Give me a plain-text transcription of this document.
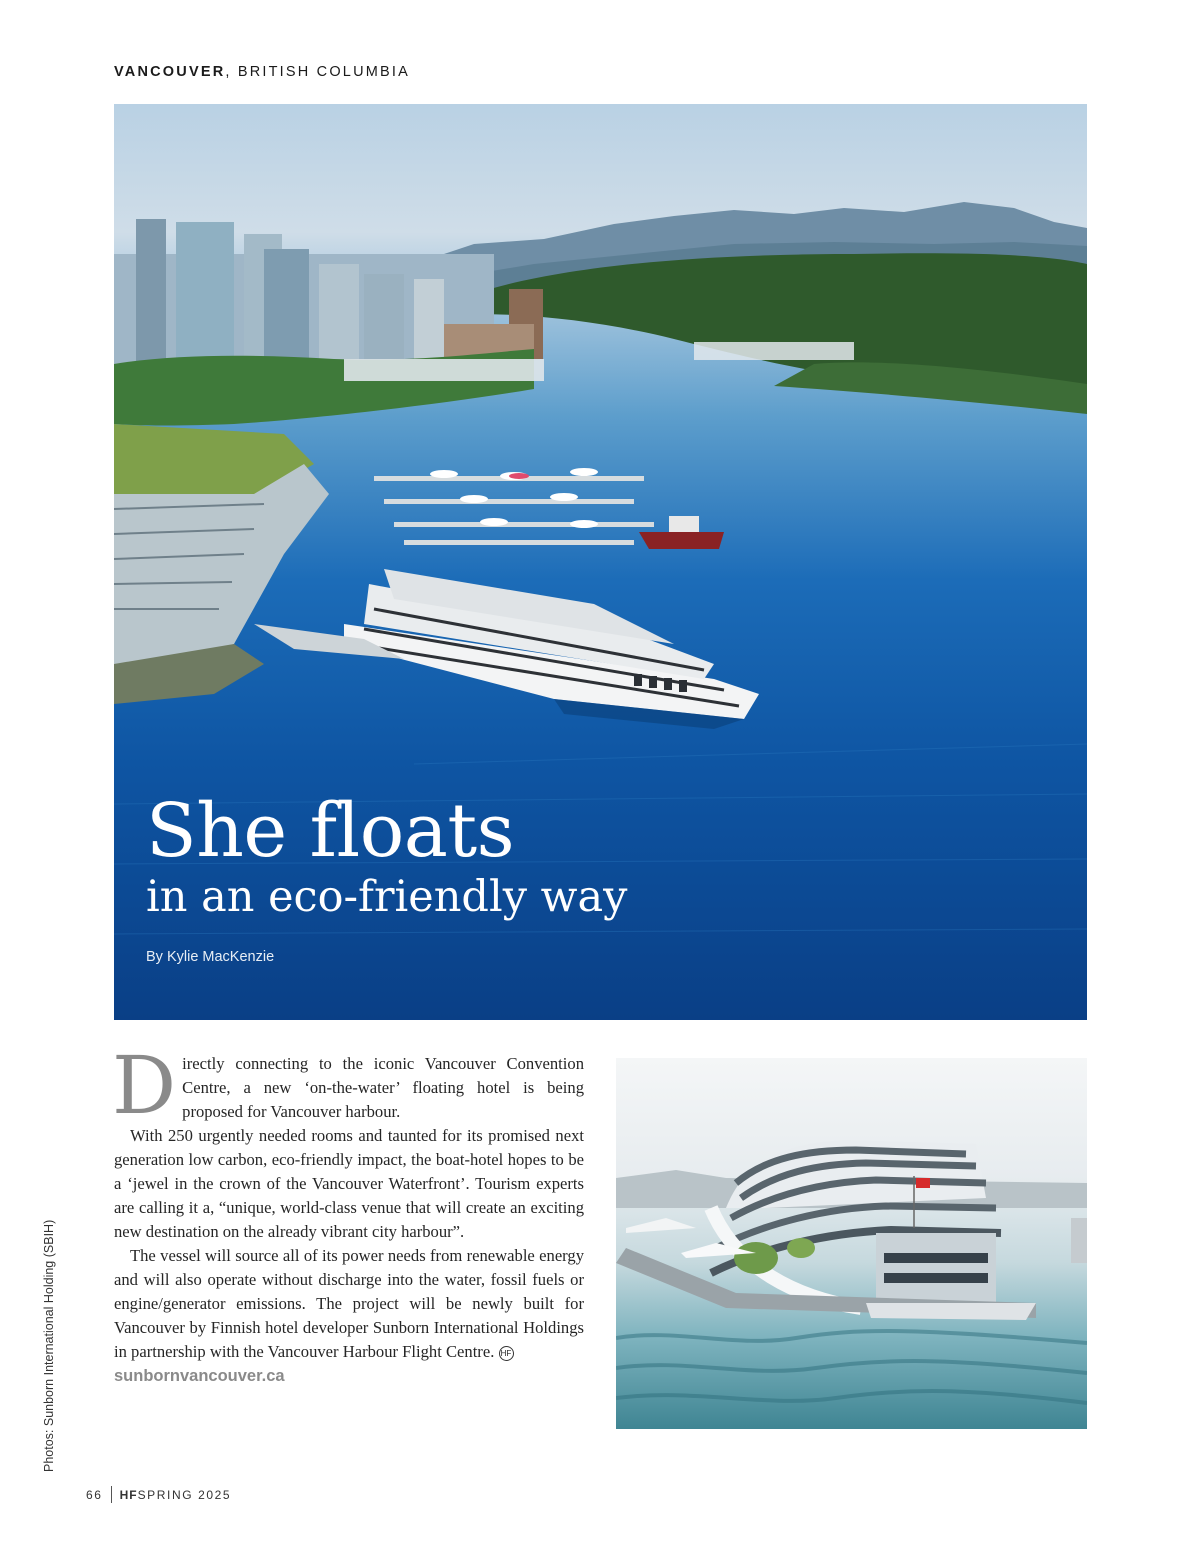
VANCOUVER, BRITISH COLUMBIA
She floats
in an eco-friendly way
By Kylie MacKenzie

Directly connecting to the iconic Vancouver Convention Centre, a new ‘on-the-water’ floating hotel is being proposed for Vancouver harbour.

With 250 urgently needed rooms and taunted for its promised next generation low carbon, eco-friendly impact, the boat-hotel hopes to be a ‘jewel in the crown of the Vancouver Waterfront’. Tourism experts are calling it a, “unique, world-class venue that will create an exciting new destination on the already vibrant city harbour”.

The vessel will source all of its power needs from renewable energy and will also operate without discharge into the water, fossil fuels or engine/generator emissions. The project will be newly built for Vancouver by Finnish hotel developer Sunborn International Holdings in partnership with the Vancouver Harbour Flight Centre. HF

sunbornvancouver.ca
Photos: Sunborn International Holding (SBIH)
66 HFSPRING 2025
